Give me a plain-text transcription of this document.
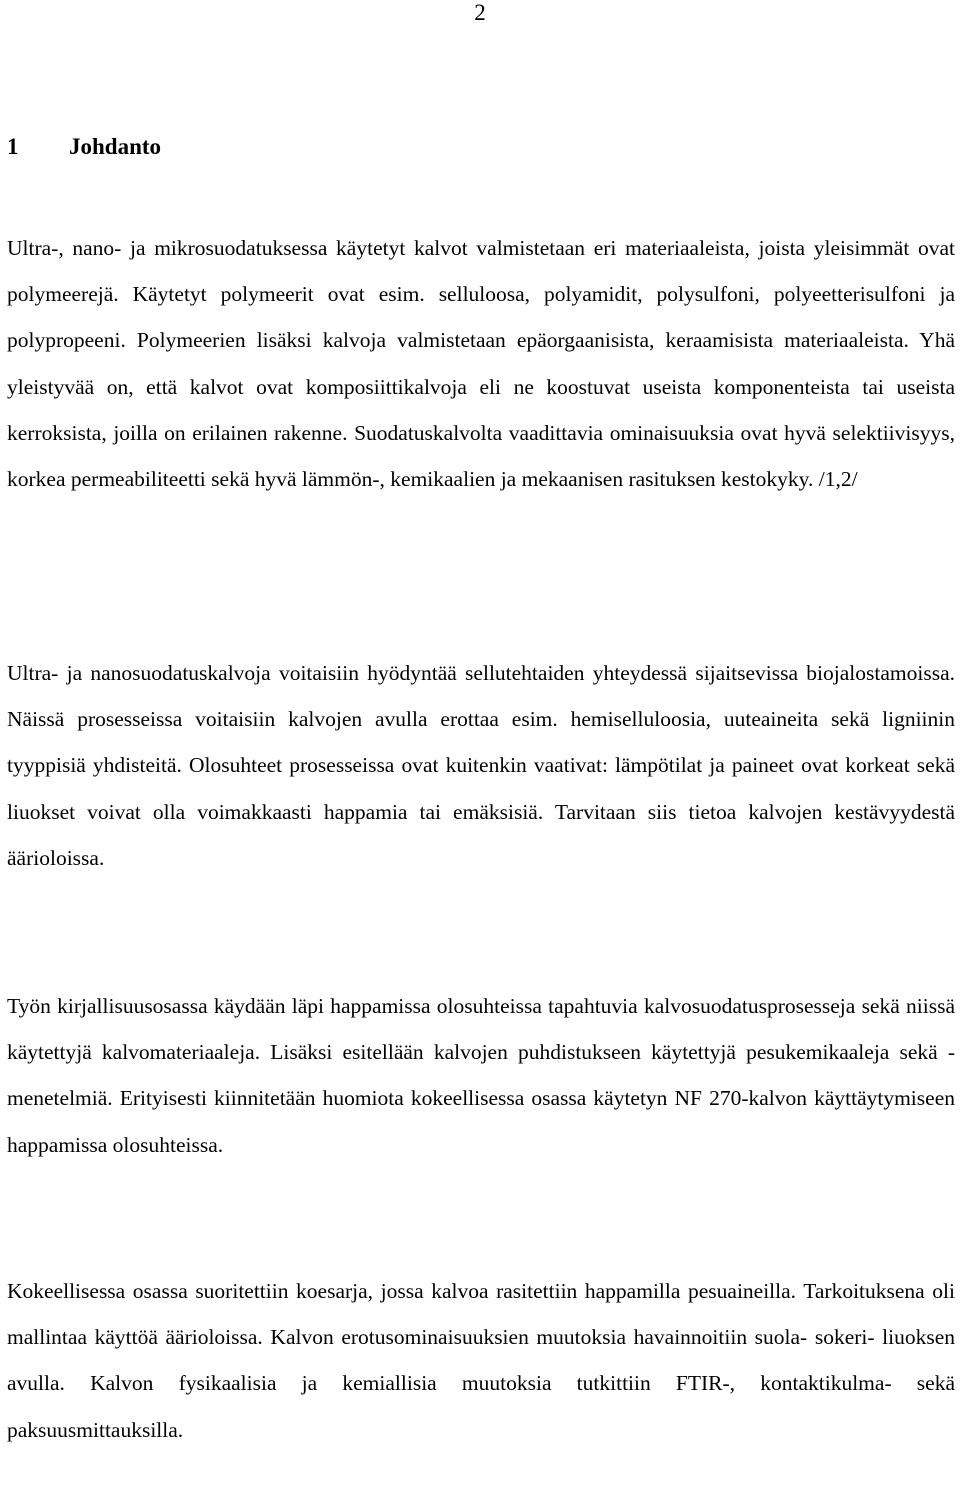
2
1 Johdanto

Ultra-, nano- ja mikrosuodatuksessa käytetyt kalvot valmistetaan eri materiaaleista, joista yleisimmät ovat polymeerejä. Käytetyt polymeerit ovat esim. selluloosa, polyamidit, polysulfoni, polyeetterisulfoni ja polypropeeni. Polymeerien lisäksi kalvoja valmistetaan epäorgaanisista, keraamisista materiaaleista. Yhä yleistyvää on, että kalvot ovat komposiittikalvoja eli ne koostuvat useista komponenteista tai useista kerroksista, joilla on erilainen rakenne. Suodatuskalvolta vaadittavia ominaisuuksia ovat hyvä selektiivisyys, korkea permeabiliteetti sekä hyvä lämmön-, kemikaalien ja mekaanisen rasituksen kestokyky. /1,2/

Ultra- ja nanosuodatuskalvoja voitaisiin hyödyntää sellutehtaiden yhteydessä sijaitsevissa biojalostamoissa. Näissä prosesseissa voitaisiin kalvojen avulla erottaa esim. hemiselluloosia, uuteaineita sekä ligniinin tyyppisiä yhdisteitä. Olosuhteet prosesseissa ovat kuitenkin vaativat: lämpötilat ja paineet ovat korkeat sekä liuokset voivat olla voimakkaasti happamia tai emäksisiä. Tarvitaan siis tietoa kalvojen kestävyydestä äärioloissa.

Työn kirjallisuusosassa käydään läpi happamissa olosuhteissa tapahtuvia kalvosuodatusprosesseja sekä niissä käytettyjä kalvomateriaaleja. Lisäksi esitellään kalvojen puhdistukseen käytettyjä pesukemikaaleja sekä -menetelmiä. Erityisesti kiinnitetään huomiota kokeellisessa osassa käytetyn NF 270-kalvon käyttäytymiseen happamissa olosuhteissa.

Kokeellisessa osassa suoritettiin koesarja, jossa kalvoa rasitettiin happamilla pesuaineilla. Tarkoituksena oli mallintaa käyttöä äärioloissa. Kalvon erotusominaisuuksien muutoksia havainnoitiin suola- sokeri- liuoksen avulla. Kalvon fysikaalisia ja kemiallisia muutoksia tutkittiin FTIR-, kontaktikulma- sekä paksuusmittauksilla.
